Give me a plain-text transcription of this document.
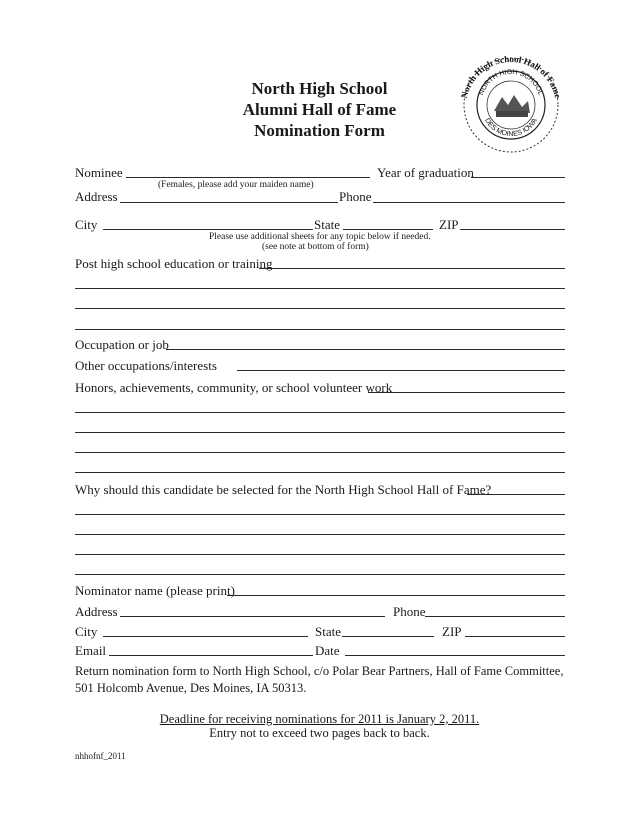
North High School
Alumni Hall of Fame
Nomination Form
North High School Hall of Fame
NORTH HIGH SCHOOL
DES MOINES IOWA
Nominee	Year of graduation
(Females, please add your maiden name)
Address	Phone
City	State	ZIP
Please use additional sheets for any topic below if needed.
(see note at bottom of form)
Post high school education or training
Occupation or job
Other occupations/interests
Honors, achievements, community, or school volunteer work
Why should this candidate be selected for the North High School Hall of Fame?
Nominator name (please print)
Address	Phone
City	State	ZIP
Email	Date
Return nomination form to North High School, c/o Polar Bear Partners, Hall of Fame Committee,
501 Holcomb Avenue, Des Moines, IA 50313.
Deadline for receiving nominations for 2011 is January 2, 2011.
Entry not to exceed two pages back to back.
nhhofnf_2011
